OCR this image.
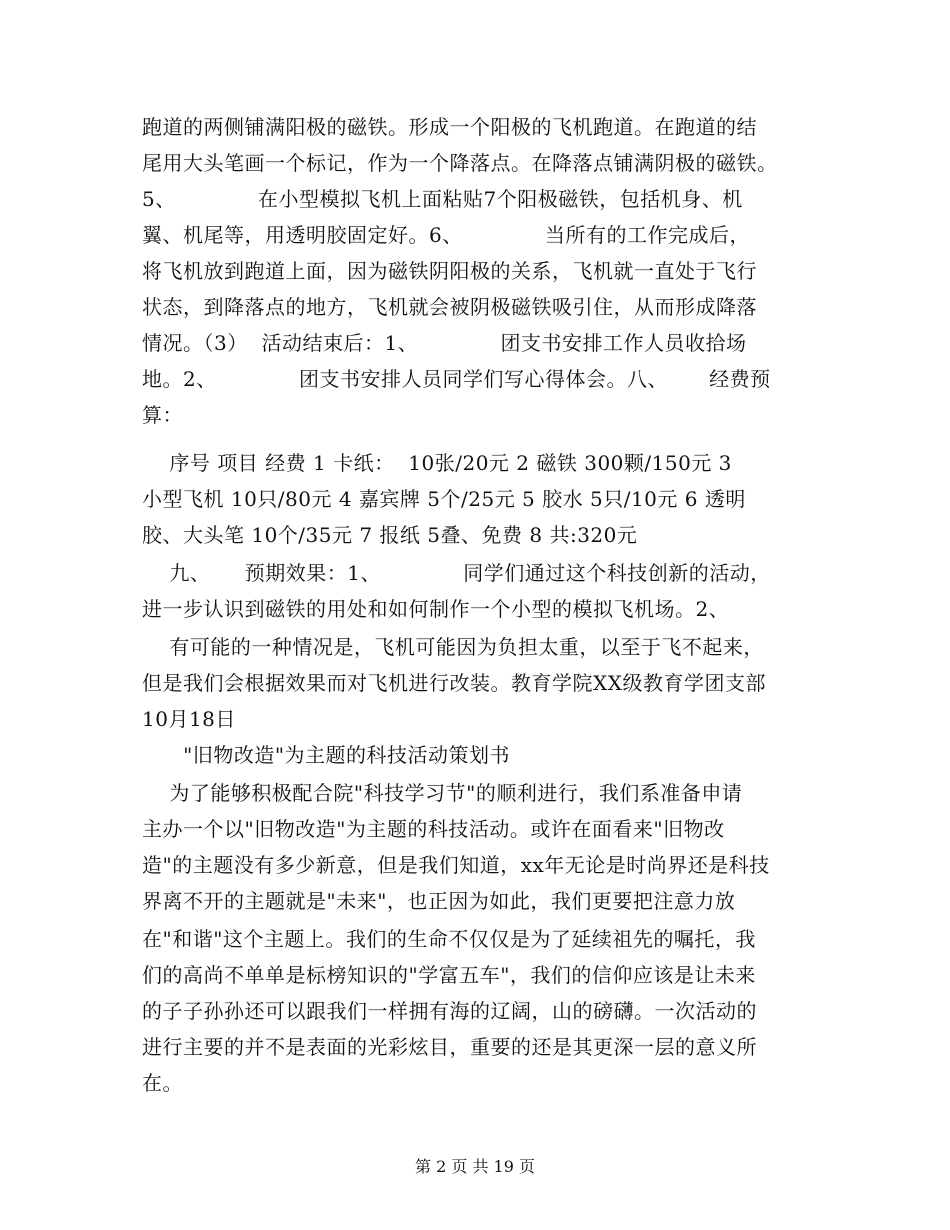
跑道的两侧铺满阳极的磁铁。形成一个阳极的飞机跑道。在跑道的结
尾用大头笔画一个标记，作为一个降落点。在降落点铺满阴极的磁铁。
5、            在小型模拟飞机上面粘贴7个阳极磁铁，包括机身、机
翼、机尾等，用透明胶固定好。6、            当所有的工作完成后，
将飞机放到跑道上面，因为磁铁阴阳极的关系，飞机就一直处于飞行
状态，到降落点的地方，飞机就会被阴极磁铁吸引住，从而形成降落
情况。（3）  活动结束后：1、            团支书安排工作人员收拾场
地。2、            团支书安排人员同学们写心得体会。八、      经费预
算：
序号 项目 经费 1 卡纸：  10张/20元 2 磁铁 300颗/150元 3
小型飞机 10只/80元 4 嘉宾牌 5个/25元 5 胶水 5只/10元 6 透明
胶、大头笔 10个/35元 7 报纸 5叠、免费 8 共:320元
九、     预期效果：1、            同学们通过这个科技创新的活动，
进一步认识到磁铁的用处和如何制作一个小型的模拟飞机场。2、
有可能的一种情况是，飞机可能因为负担太重，以至于飞不起来，
但是我们会根据效果而对飞机进行改装。教育学院XX级教育学团支部
10月18日
"旧物改造"为主题的科技活动策划书
为了能够积极配合院"科技学习节"的顺利进行，我们系准备申请
主办一个以"旧物改造"为主题的科技活动。或许在面看来"旧物改
造"的主题没有多少新意，但是我们知道，xx年无论是时尚界还是科技
界离不开的主题就是"未来"，也正因为如此，我们更要把注意力放
在"和谐"这个主题上。我们的生命不仅仅是为了延续祖先的嘱托，我
们的高尚不单单是标榜知识的"学富五车"，我们的信仰应该是让未来
的子子孙孙还可以跟我们一样拥有海的辽阔，山的磅礴。一次活动的
进行主要的并不是表面的光彩炫目，重要的还是其更深一层的意义所
在。
第 2 页 共 19 页
